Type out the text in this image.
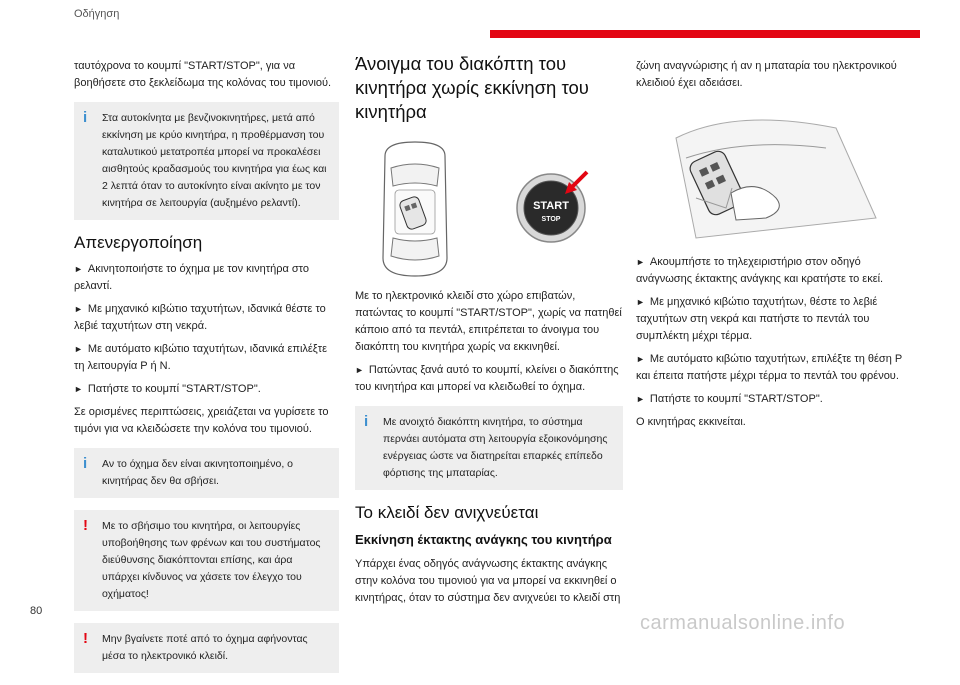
Οδήγηση

ταυτόχρονα το κουμπί "START/STOP", για να βοηθήσετε στο ξεκλείδωμα της κολόνας του τιμονιού.

i Στα αυτοκίνητα με βενζινοκινητήρες, μετά από εκκίνηση με κρύο κινητήρα, η προθέρμανση του καταλυτικού μετατροπέα μπορεί να προκαλέσει αισθητούς κραδασμούς του κινητήρα για έως και 2 λεπτά όταν το αυτοκίνητο είναι ακίνητο με τον κινητήρα σε λειτουργία (αυξημένο ρελαντί).
Απενεργοποίηση

►  Ακινητοποιήστε το όχημα με τον κινητήρα στο ρελαντί.

►  Με μηχανικό κιβώτιο ταχυτήτων, ιδανικά θέστε το λεβιέ ταχυτήτων στη νεκρά.

►  Με αυτόματο κιβώτιο ταχυτήτων, ιδανικά επιλέξτε τη λειτουργία P ή N.

►  Πατήστε το κουμπί "START/STOP".

Σε ορισμένες περιπτώσεις, χρειάζεται να γυρίσετε το τιμόνι για να κλειδώσετε την κολόνα του τιμονιού.

i Αν το όχημα δεν είναι ακινητοποιημένο, ο κινητήρας δεν θα σβήσει.
! Με το σβήσιμο του κινητήρα, οι λειτουργίες υποβοήθησης των φρένων και του συστήματος διεύθυνσης διακόπτονται επίσης, και άρα υπάρχει κίνδυνος να χάσετε τον έλεγχο του οχήματος!
! Μην βγαίνετε ποτέ από το όχημα αφήνοντας μέσα το ηλεκτρονικό κλειδί.
Άνοιγμα του διακόπτη του κινητήρα χωρίς εκκίνηση του κινητήρα
START
STOP

Με το ηλεκτρονικό κλειδί στο χώρο επιβατών, πατώντας το κουμπί "START/STOP", χωρίς να πατηθεί κάποιο από τα πεντάλ, επιτρέπεται το άνοιγμα του διακόπτη του κινητήρα χωρίς να εκκινηθεί.

►  Πατώντας ξανά αυτό το κουμπί, κλείνει ο διακόπτης του κινητήρα και μπορεί να κλειδωθεί το όχημα.

i Με ανοιχτό διακόπτη κινητήρα, το σύστημα περνάει αυτόματα στη λειτουργία εξοικονόμησης ενέργειας ώστε να διατηρείται επαρκές επίπεδο φόρτισης της μπαταρίας.
Το κλειδί δεν ανιχνεύεται
Εκκίνηση έκτακτης ανάγκης του κινητήρα

Υπάρχει ένας οδηγός ανάγνωσης έκτακτης ανάγκης στην κολόνα του τιμονιού για να μπορεί να εκκινηθεί ο κινητήρας, όταν το σύστημα δεν ανιχνεύει το κλειδί στη

ζώνη αναγνώρισης ή αν η μπαταρία του ηλεκτρονικού κλειδιού έχει αδειάσει.

►  Ακουμπήστε το τηλεχειριστήριο στον οδηγό ανάγνωσης έκτακτης ανάγκης και κρατήστε το εκεί.

►  Με μηχανικό κιβώτιο ταχυτήτων, θέστε το λεβιέ ταχυτήτων στη νεκρά και πατήστε το πεντάλ του συμπλέκτη μέχρι τέρμα.

►  Με αυτόματο κιβώτιο ταχυτήτων, επιλέξτε τη θέση P και έπειτα πατήστε μέχρι τέρμα το πεντάλ του φρένου.

►  Πατήστε το κουμπί "START/STOP".

Ο κινητήρας εκκινείται.

80
carmanualsonline.info
